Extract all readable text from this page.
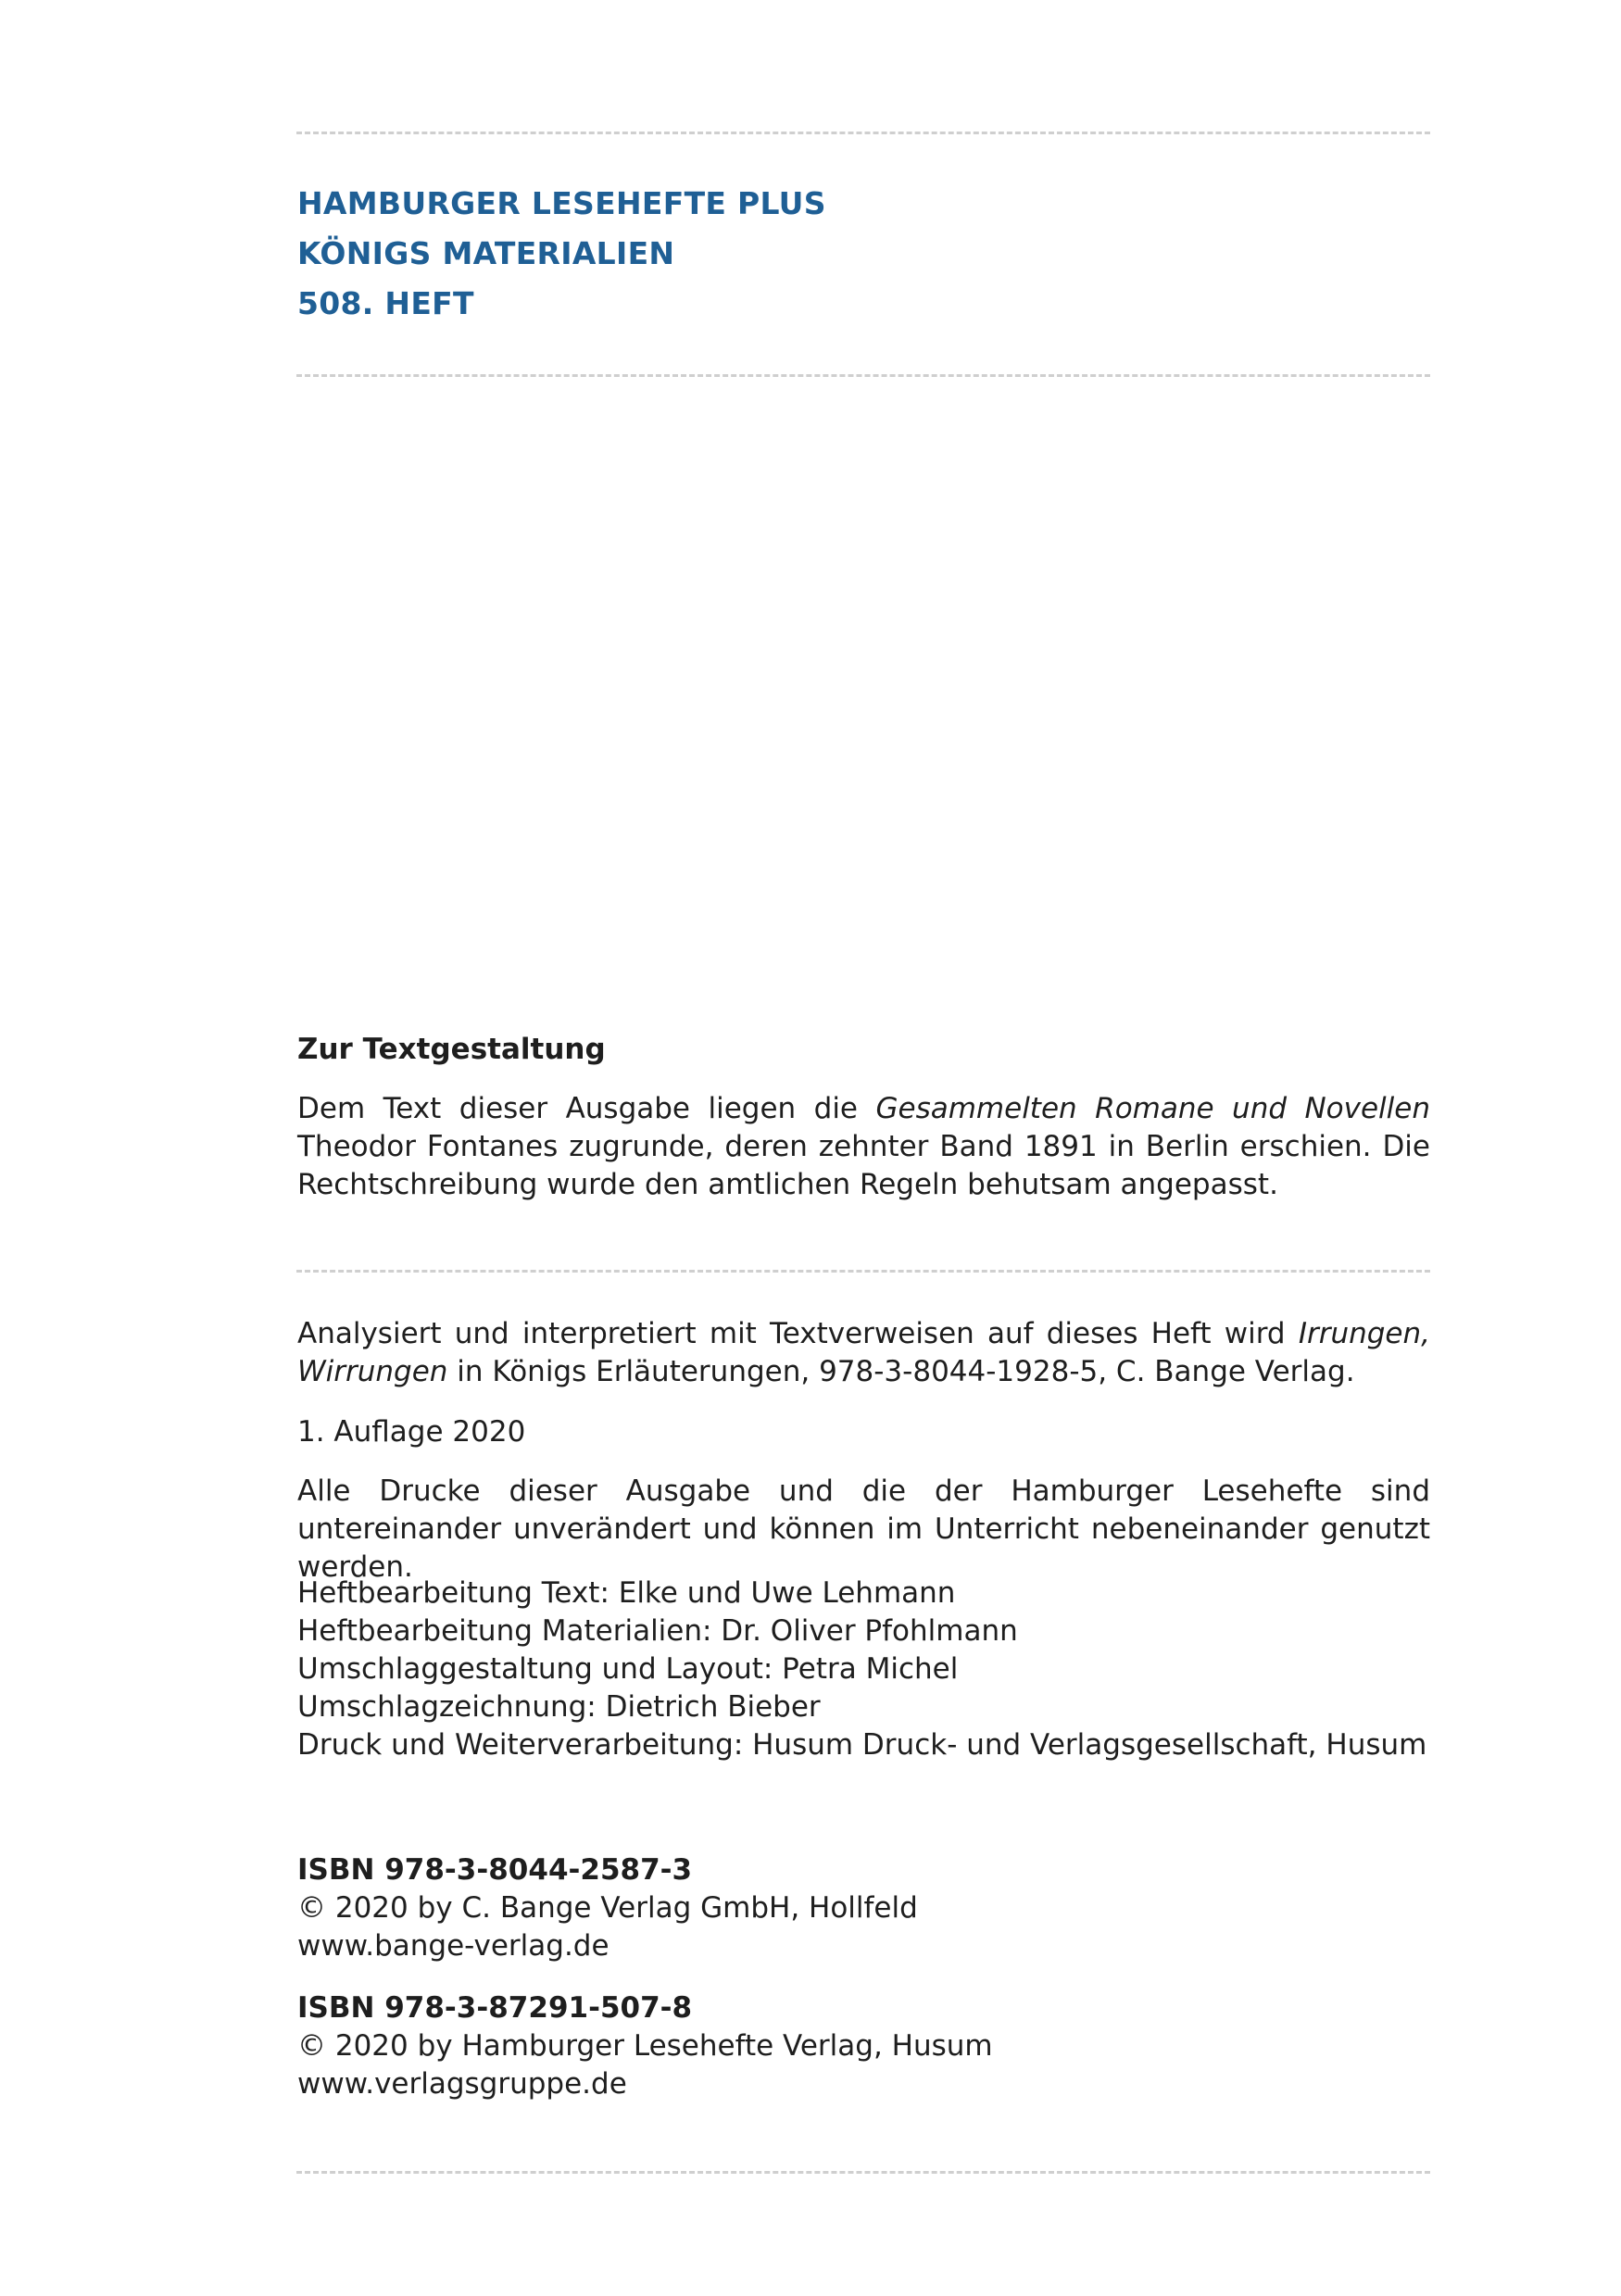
HAMBURGER LESEHEFTE PLUS
KÖNIGS MATERIALIEN
508. HEFT

Zur Textgestaltung

Dem Text dieser Ausgabe liegen die Gesammelten Romane und Novellen Theodor Fontanes zugrunde, deren zehnter Band 1891 in Berlin erschien. Die Rechtschreibung wurde den amtlichen Regeln behutsam angepasst.

Analysiert und interpretiert mit Textverweisen auf dieses Heft wird Irrungen, Wirrungen in Königs Erläuterungen, 978-3-8044-1928-5, C. Bange Verlag.

1. Auflage 2020

Alle Drucke dieser Ausgabe und die der Hamburger Lesehefte sind untereinander unverändert und können im Unterricht nebeneinander genutzt werden.

Heftbearbeitung Text: Elke und Uwe Lehmann

Heftbearbeitung Materialien: Dr. Oliver Pfohlmann

Umschlaggestaltung und Layout: Petra Michel

Umschlagzeichnung: Dietrich Bieber

Druck und Weiterverarbeitung: Husum Druck- und Verlagsgesellschaft, Husum

ISBN 978-3-8044-2587-3

© 2020 by C. Bange Verlag GmbH, Hollfeld

www.bange-verlag.de

ISBN 978-3-87291-507-8

© 2020 by Hamburger Lesehefte Verlag, Husum

www.verlagsgruppe.de
